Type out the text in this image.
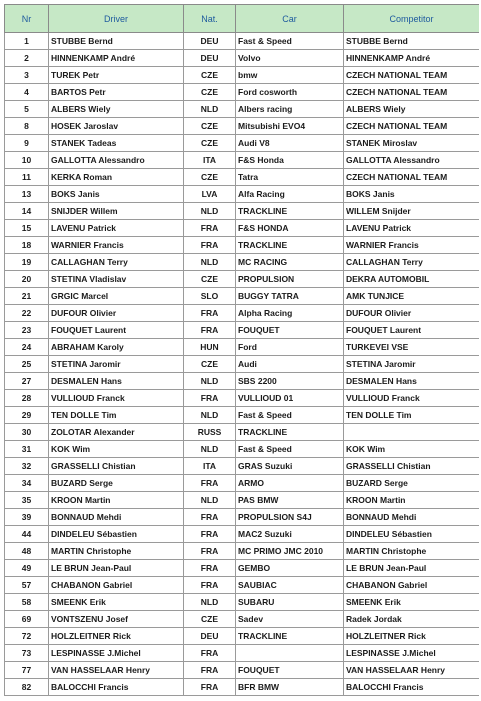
Nr	Driver	Nat.	Car	Competitor
1	STUBBE Bernd	DEU	Fast & Speed	STUBBE Bernd
2	HINNENKAMP André	DEU	Volvo	HINNENKAMP André
3	TUREK Petr	CZE	bmw	CZECH NATIONAL TEAM
4	BARTOS Petr	CZE	Ford cosworth	CZECH NATIONAL TEAM
5	ALBERS Wiely	NLD	Albers racing	ALBERS Wiely
8	HOSEK Jaroslav	CZE	Mitsubishi EVO4	CZECH NATIONAL TEAM
9	STANEK Tadeas	CZE	Audi V8	STANEK Miroslav
10	GALLOTTA Alessandro	ITA	F&S Honda	GALLOTTA Alessandro
11	KERKA Roman	CZE	Tatra	CZECH NATIONAL TEAM
13	BOKS Janis	LVA	Alfa Racing	BOKS Janis
14	SNIJDER Willem	NLD	TRACKLINE	WILLEM Snijder
15	LAVENU Patrick	FRA	F&S HONDA	LAVENU Patrick
18	WARNIER Francis	FRA	TRACKLINE	WARNIER Francis
19	CALLAGHAN Terry	NLD	MC RACING	CALLAGHAN Terry
20	STETINA Vladislav	CZE	PROPULSION	DEKRA AUTOMOBIL
21	GRGIC Marcel	SLO	BUGGY TATRA	AMK TUNJICE
22	DUFOUR Olivier	FRA	Alpha Racing	DUFOUR Olivier
23	FOUQUET Laurent	FRA	FOUQUET	FOUQUET Laurent
24	ABRAHAM Karoly	HUN	Ford	TURKEVEI VSE
25	STETINA Jaromir	CZE	Audi	STETINA Jaromir
27	DESMALEN Hans	NLD	SBS 2200	DESMALEN Hans
28	VULLIOUD Franck	FRA	VULLIOUD 01	VULLIOUD Franck
29	TEN DOLLE Tim	NLD	Fast & Speed	TEN DOLLE Tim
30	ZOLOTAR Alexander	RUSS	TRACKLINE	
31	KOK Wim	NLD	Fast & Speed	KOK Wim
32	GRASSELLI Chistian	ITA	GRAS Suzuki	GRASSELLI Chistian
34	BUZARD Serge	FRA	ARMO	BUZARD Serge
35	KROON Martin	NLD	PAS BMW	KROON Martin
39	BONNAUD Mehdi	FRA	PROPULSION S4J	BONNAUD Mehdi
44	DINDELEU Sébastien	FRA	MAC2 Suzuki	DINDELEU Sébastien
48	MARTIN Christophe	FRA	MC PRIMO JMC 2010	MARTIN Christophe
49	LE BRUN Jean-Paul	FRA	GEMBO	LE BRUN Jean-Paul
57	CHABANON Gabriel	FRA	SAUBIAC	CHABANON Gabriel
58	SMEENK Erik	NLD	SUBARU	SMEENK Erik
69	VONTSZENU Josef	CZE	Sadev	Radek Jordak
72	HOLZLEITNER Rick	DEU	TRACKLINE	HOLZLEITNER Rick
73	LESPINASSE J.Michel	FRA		LESPINASSE J.Michel
77	VAN HASSELAAR Henry	FRA	FOUQUET	VAN HASSELAAR Henry
82	BALOCCHI Francis	FRA	BFR BMW	BALOCCHI Francis
